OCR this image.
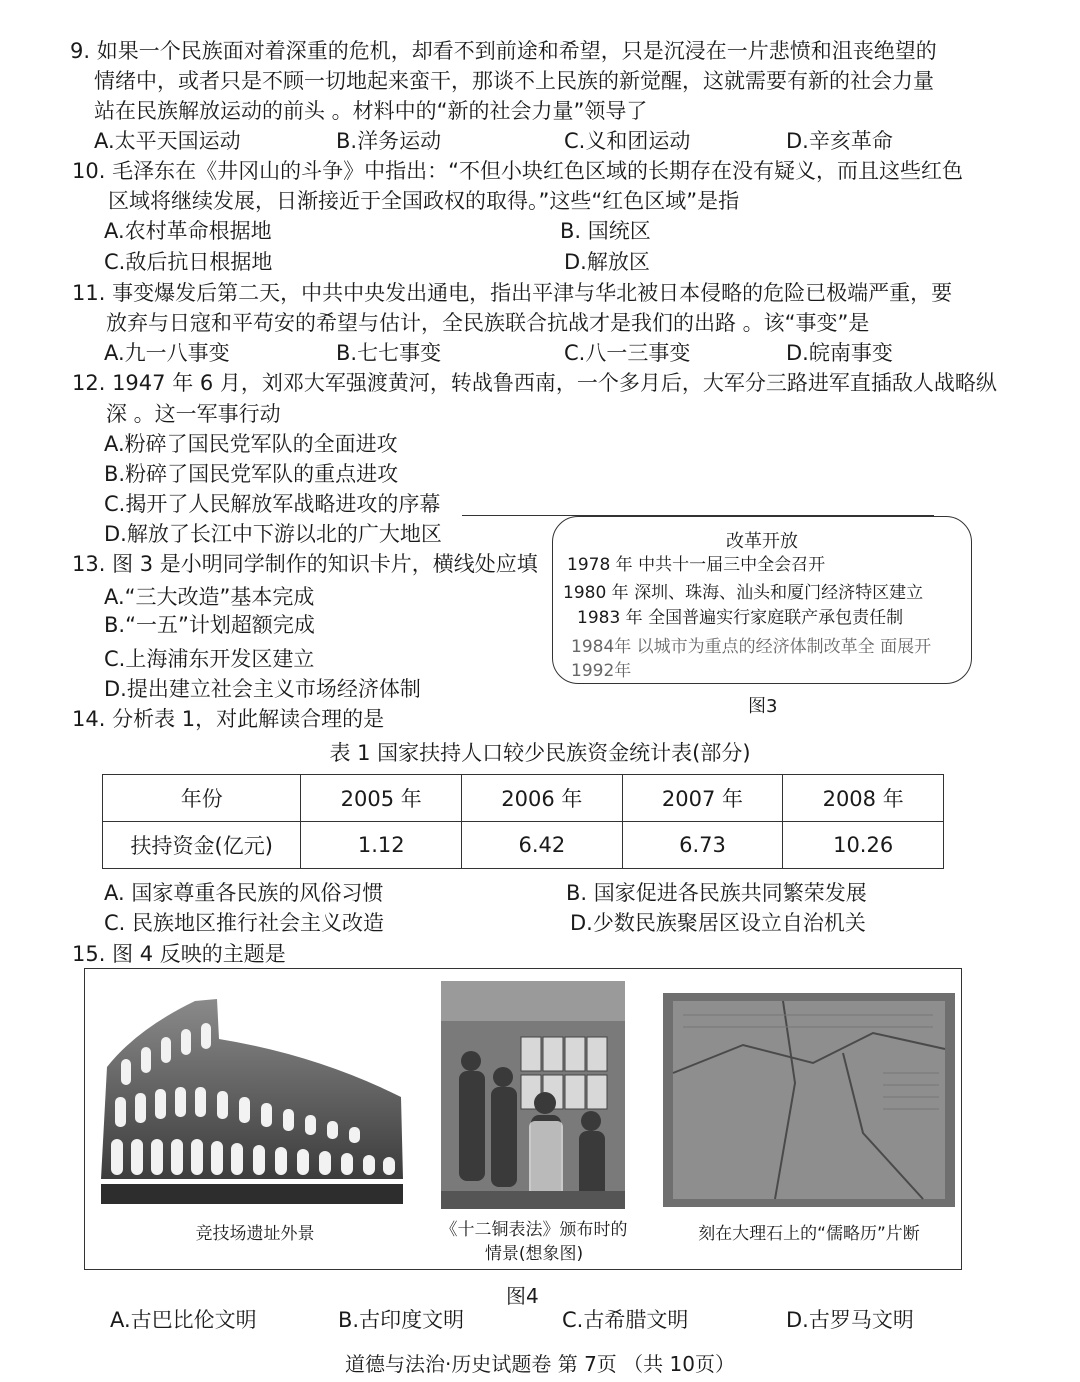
9. 如果一个民族面对着深重的危机，却看不到前途和希望，只是沉浸在一片悲愤和沮丧绝望的
情绪中，或者只是不顾一切地起来蛮干，那谈不上民族的新觉醒，这就需要有新的社会力量
站在民族解放运动的前头 。材料中的“新的社会力量”领导了
A.太平天国运动	B.洋务运动	C.义和团运动	D.辛亥革命
10. 毛泽东在《井冈山的斗争》中指出：“不但小块红色区域的长期存在没有疑义，而且这些红色
区域将继续发展，日渐接近于全国政权的取得。”这些“红色区域”是指
A.农村革命根据地	B. 国统区
C.敌后抗日根据地	D.解放区
11. 事变爆发后第二天，中共中央发出通电，指出平津与华北被日本侵略的危险已极端严重，要
放弃与日寇和平苟安的希望与估计，全民族联合抗战才是我们的出路 。该“事变”是
A.九一八事变	B.七七事变	C.八一三事变	D.皖南事变
12. 1947 年 6 月，刘邓大军强渡黄河，转战鲁西南，一个多月后，大军分三路进军直插敌人战略纵
深 。这一军事行动
A.粉碎了国民党军队的全面进攻
B.粉碎了国民党军队的重点进攻
C.揭开了人民解放军战略进攻的序幕
D.解放了长江中下游以北的广大地区
13. 图 3 是小明同学制作的知识卡片，横线处应填
A.“三大改造”基本完成
B.“一五”计划超额完成
C.上海浦东开发区建立
D.提出建立社会主义市场经济体制
改革开放
1978 年 中共十一届三中全会召开
1980 年 深圳、珠海、汕头和厦门经济特区建立
1983 年 全国普遍实行家庭联产承包责任制
1984年 以城市为重点的经济体制改革全 面展开
1992年
图3
14. 分析表 1，对此解读合理的是
表 1 国家扶持人口较少民族资金统计表(部分)
年份	2005 年	2006 年	2007 年	2008 年
扶持资金(亿元)	1.12	6.42	6.73	10.26
A. 国家尊重各民族的风俗习惯	B. 国家促进各民族共同繁荣发展
C. 民族地区推行社会主义改造	D.少数民族聚居区设立自治机关
15. 图 4 反映的主题是
竞技场遗址外景	《十二铜表法》颁布时的
情景(想象图)
刻在大理石上的“儒略历”片断
图4
A.古巴比伦文明	B.古印度文明	C.古希腊文明	D.古罗马文明
道德与法治·历史试题卷 第 7页 （共 10页）
